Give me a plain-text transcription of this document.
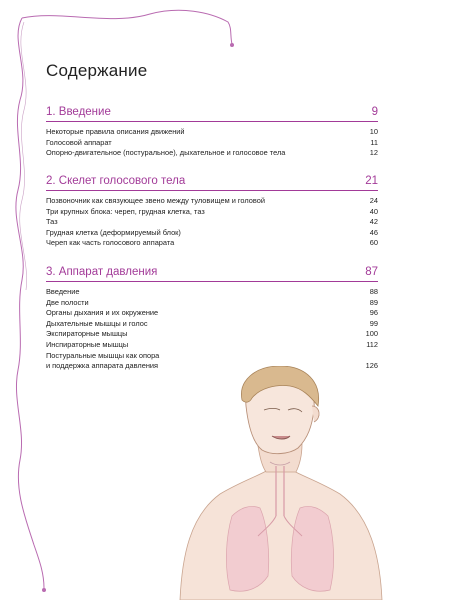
Содержание
1. Введение	9
Некоторые правила описания движений	10
Голосовой аппарат	11
Опорно-двигательное (постуральное), дыхательное и голосовое тела	12
2. Скелет голосового тела	21
Позвоночник как связующее звено между туловищем и головой	24
Три крупных блока: череп, грудная клетка, таз	40
Таз	42
Грудная клетка (деформируемый блок)	46
Череп как часть голосового аппарата	60
3. Аппарат давления	87
Введение	88
Две полости	89
Органы дыхания и их окружение	96
Дыхательные мышцы и голос	99
Экспираторные мышцы	100
Инспираторные мышцы	112
Постуральные мышцы как опора
и поддержка аппарата давления	126
